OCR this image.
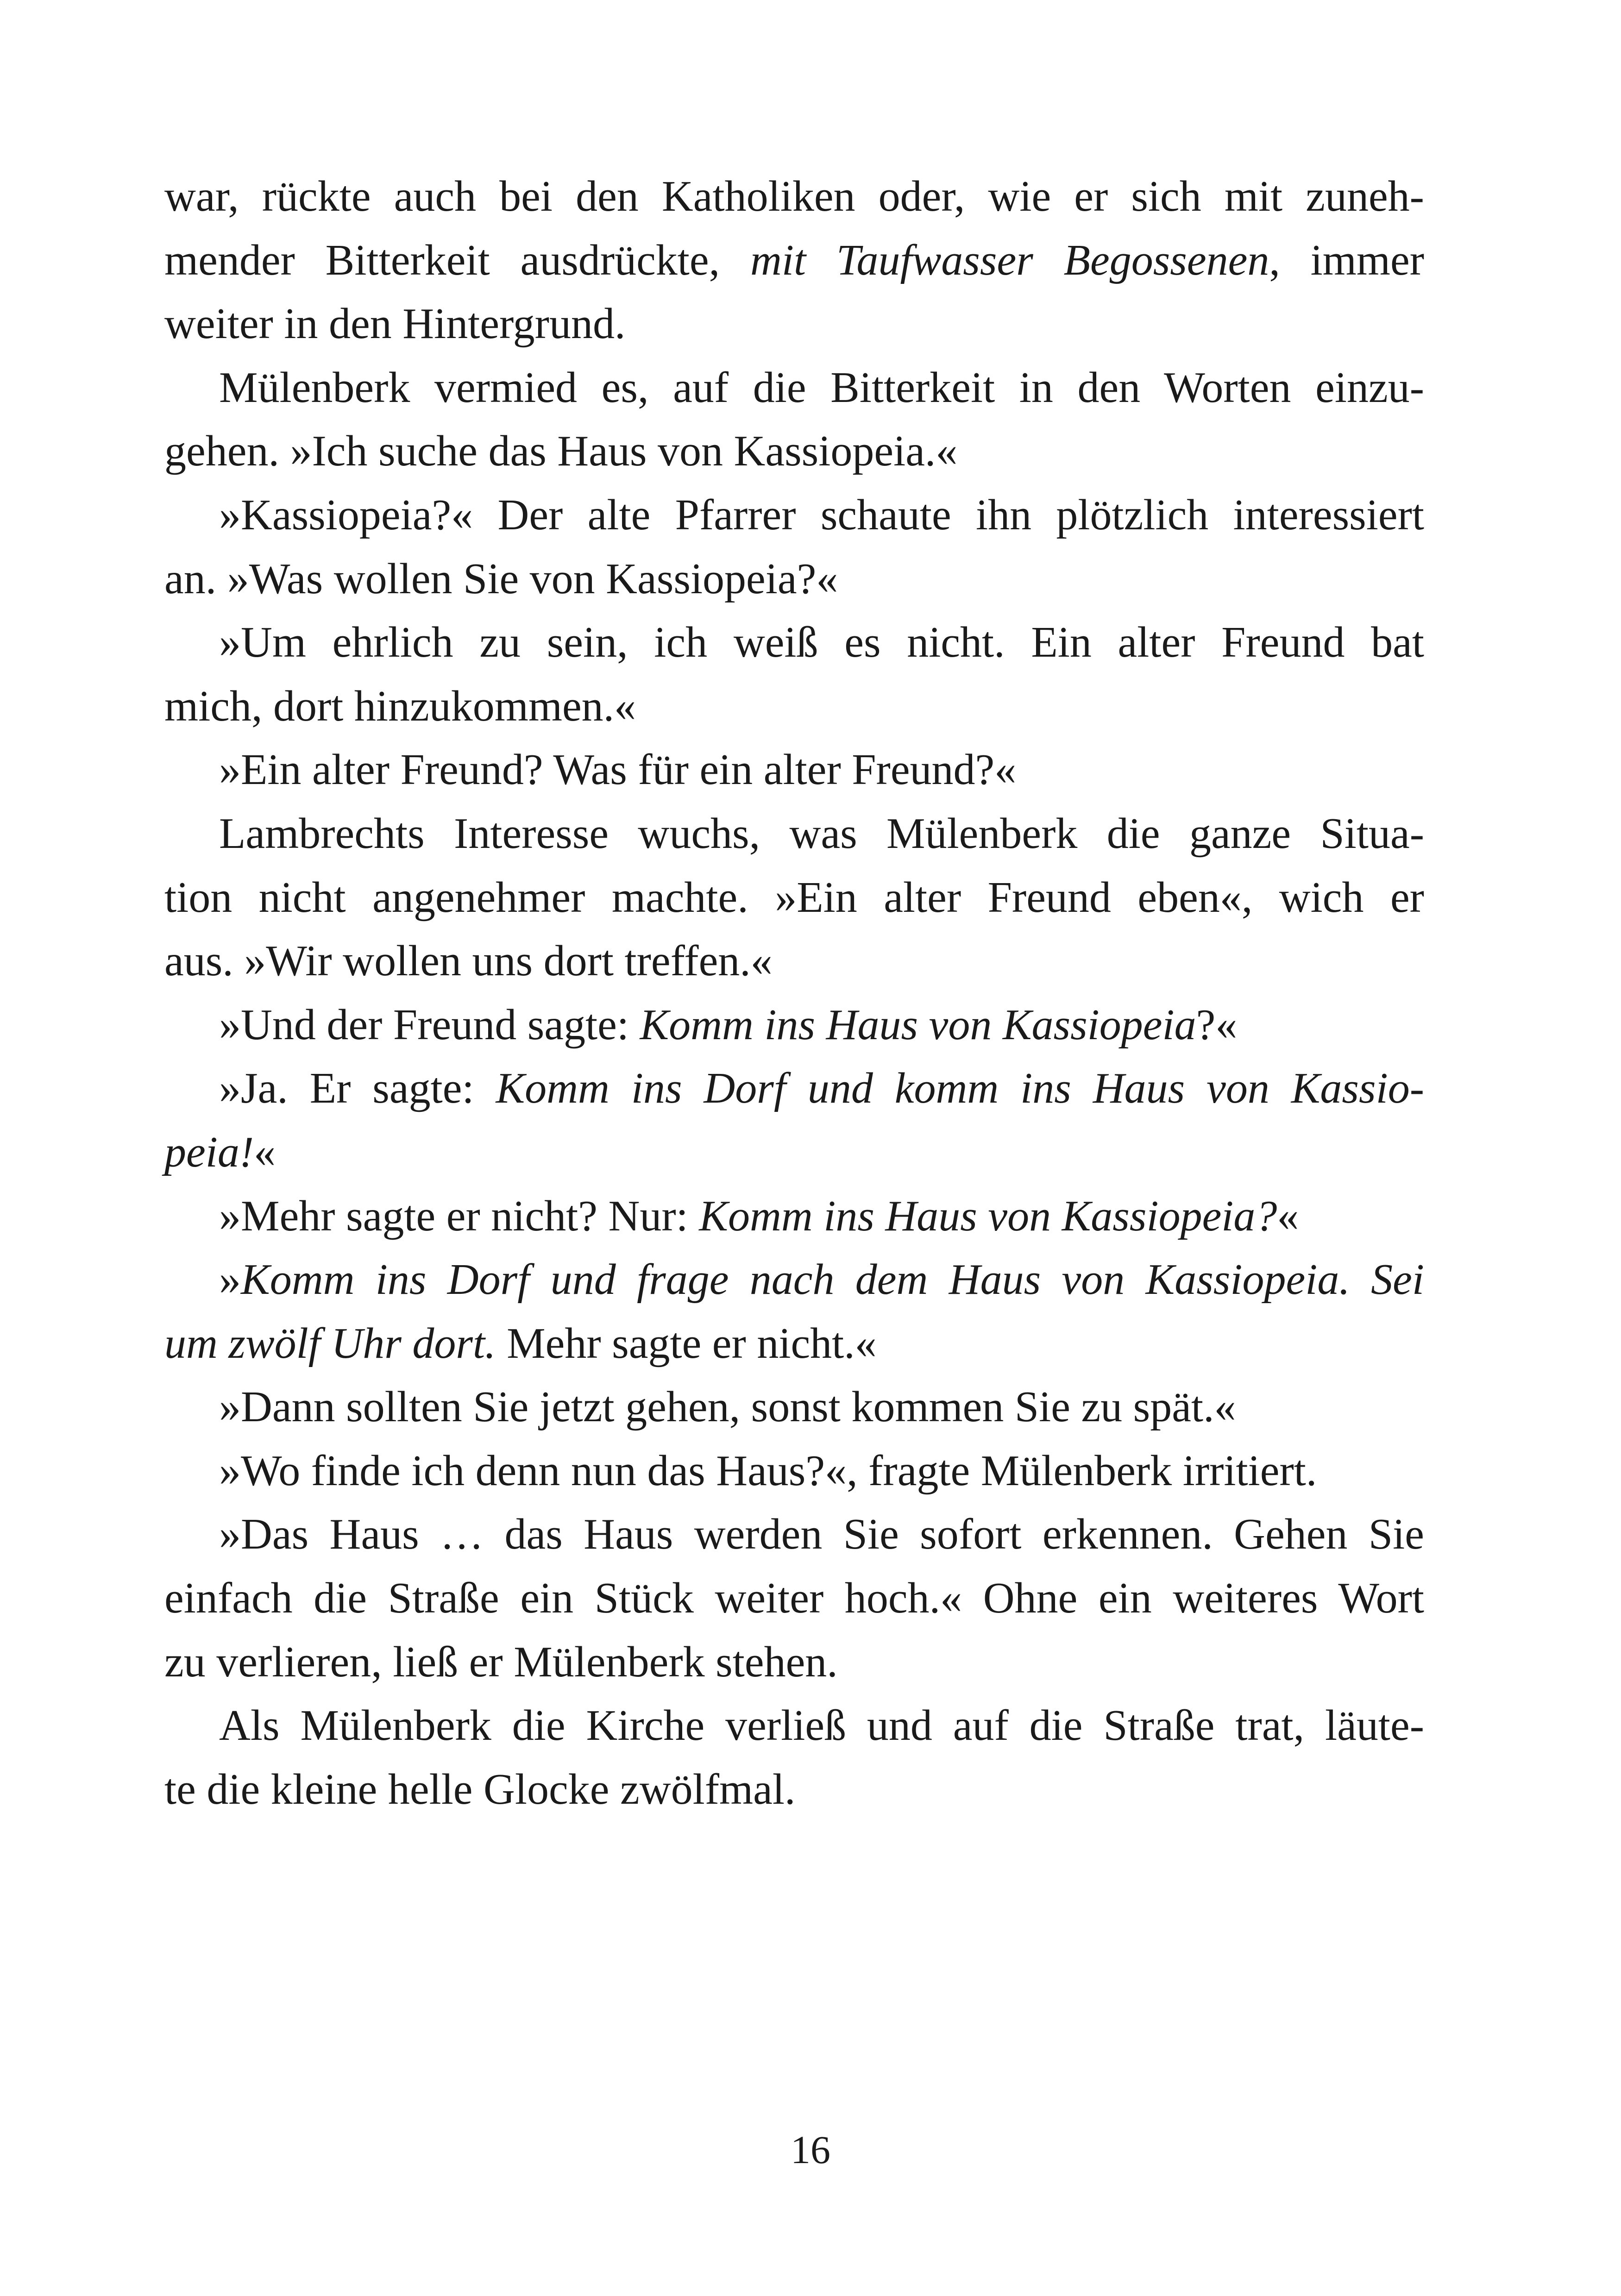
war, rückte auch bei den Katholiken oder, wie er sich mit zuneh-
mender Bitterkeit ausdrückte, mit Taufwasser Begossenen, immer
weiter in den Hintergrund.

Mülenberk vermied es, auf die Bitterkeit in den Worten einzu-
gehen. »Ich suche das Haus von Kassiopeia.«

»Kassiopeia?« Der alte Pfarrer schaute ihn plötzlich interessiert
an. »Was wollen Sie von Kassiopeia?«

»Um ehrlich zu sein, ich weiß es nicht. Ein alter Freund bat
mich, dort hinzukommen.«

»Ein alter Freund? Was für ein alter Freund?«

Lambrechts Interesse wuchs, was Mülenberk die ganze Situa-
tion nicht angenehmer machte. »Ein alter Freund eben«, wich er
aus. »Wir wollen uns dort treffen.«

»Und der Freund sagte: Komm ins Haus von Kassiopeia?«

»Ja. Er sagte: Komm ins Dorf und komm ins Haus von Kassio-
peia!«

»Mehr sagte er nicht? Nur: Komm ins Haus von Kassiopeia?«

»Komm ins Dorf und frage nach dem Haus von Kassiopeia. Sei
um zwölf Uhr dort. Mehr sagte er nicht.«

»Dann sollten Sie jetzt gehen, sonst kommen Sie zu spät.«

»Wo finde ich denn nun das Haus?«, fragte Mülenberk irritiert.

»Das Haus … das Haus werden Sie sofort erkennen. Gehen Sie
einfach die Straße ein Stück weiter hoch.« Ohne ein weiteres Wort
zu verlieren, ließ er Mülenberk stehen.

Als Mülenberk die Kirche verließ und auf die Straße trat, läute-
te die kleine helle Glocke zwölfmal.

16
